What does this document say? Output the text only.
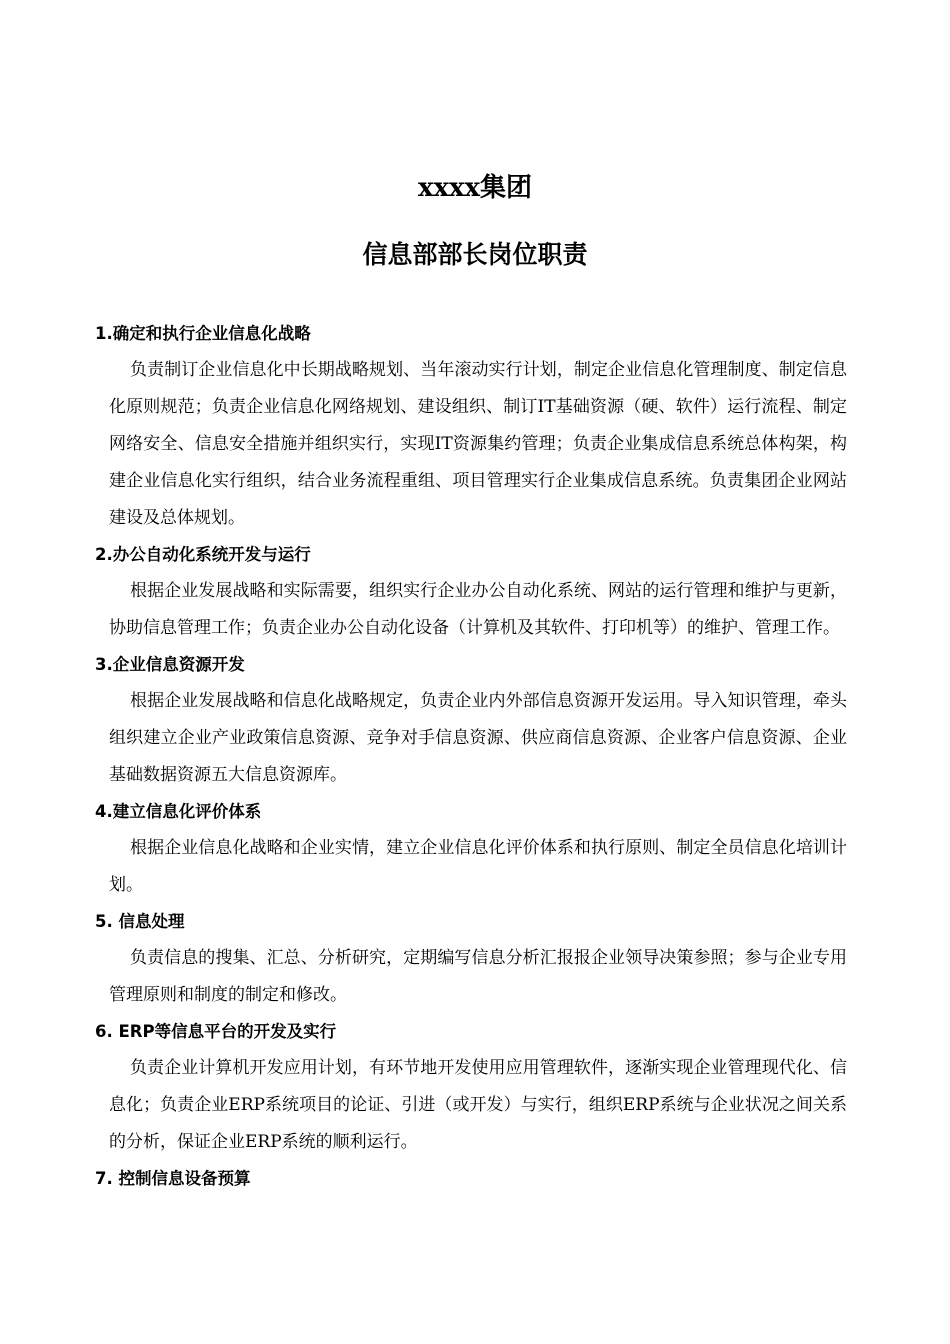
xxxx集团
信息部部长岗位职责

1.确定和执行企业信息化战略

负责制订企业信息化中长期战略规划、当年滚动实行计划，制定企业信息化管理制度、制定信息化原则规范；负责企业信息化网络规划、建设组织、制订IT基础资源（硬、软件）运行流程、制定网络安全、信息安全措施并组织实行，实现IT资源集约管理；负责企业集成信息系统总体构架，构建企业信息化实行组织，结合业务流程重组、项目管理实行企业集成信息系统。负责集团企业网站建设及总体规划。

2.办公自动化系统开发与运行

根据企业发展战略和实际需要，组织实行企业办公自动化系统、网站的运行管理和维护与更新，协助信息管理工作；负责企业办公自动化设备（计算机及其软件、打印机等）的维护、管理工作。

3.企业信息资源开发

根据企业发展战略和信息化战略规定，负责企业内外部信息资源开发运用。导入知识管理，牵头组织建立企业产业政策信息资源、竞争对手信息资源、供应商信息资源、企业客户信息资源、企业基础数据资源五大信息资源库。

4.建立信息化评价体系

根据企业信息化战略和企业实情，建立企业信息化评价体系和执行原则、制定全员信息化培训计划。

5. 信息处理

负责信息的搜集、汇总、分析研究，定期编写信息分析汇报报企业领导决策参照；参与企业专用管理原则和制度的制定和修改。

6. ERP等信息平台的开发及实行

负责企业计算机开发应用计划，有环节地开发使用应用管理软件，逐渐实现企业管理现代化、信息化；负责企业ERP系统项目的论证、引进（或开发）与实行，组织ERP系统与企业状况之间关系的分析，保证企业ERP系统的顺利运行。

7. 控制信息设备预算
